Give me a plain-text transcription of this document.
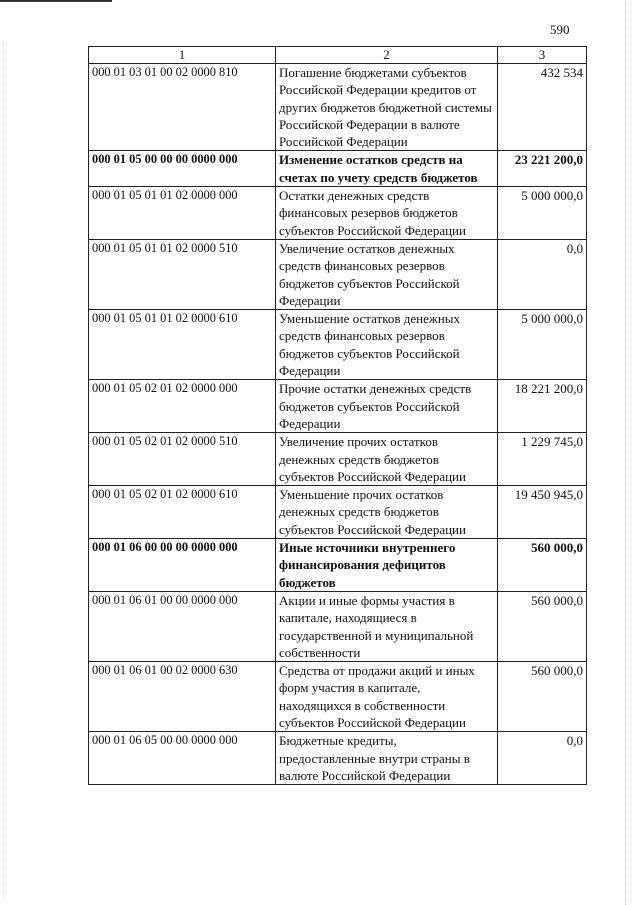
590
1	2	3
000 01 03 01 00 02 0000 810	Погашение бюджетами субъектов Российской Федерации кредитов от других бюджетов бюджетной системы Российской Федерации в валюте Российской Федерации	432 534
000 01 05 00 00 00 0000 000	Изменение остатков средств на счетах по учету средств бюджетов	23 221 200,0
000 01 05 01 01 02 0000 000	Остатки денежных средств финансовых резервов бюджетов субъектов Российской Федерации	5 000 000,0
000 01 05 01 01 02 0000 510	Увеличение остатков денежных средств финансовых резервов бюджетов субъектов Российской Федерации	0,0
000 01 05 01 01 02 0000 610	Уменьшение остатков денежных средств финансовых резервов бюджетов субъектов Российской Федерации	5 000 000,0
000 01 05 02 01 02 0000 000	Прочие остатки денежных средств бюджетов субъектов Российской Федерации	18 221 200,0
000 01 05 02 01 02 0000 510	Увеличение прочих остатков денежных средств бюджетов субъектов Российской Федерации	1 229 745,0
000 01 05 02 01 02 0000 610	Уменьшение прочих остатков денежных средств бюджетов субъектов Российской Федерации	19 450 945,0
000 01 06 00 00 00 0000 000	Иные источники внутреннего финансирования дефицитов бюджетов	560 000,0
000 01 06 01 00 00 0000 000	Акции и иные формы участия в капитале, находящиеся в государственной и муниципальной собственности	560 000,0
000 01 06 01 00 02 0000 630	Средства от продажи акций и иных форм участия в капитале, находящихся в собственности субъектов Российской Федерации	560 000,0
000 01 06 05 00 00 0000 000	Бюджетные кредиты, предоставленные внутри страны в валюте Российской Федерации	0,0
